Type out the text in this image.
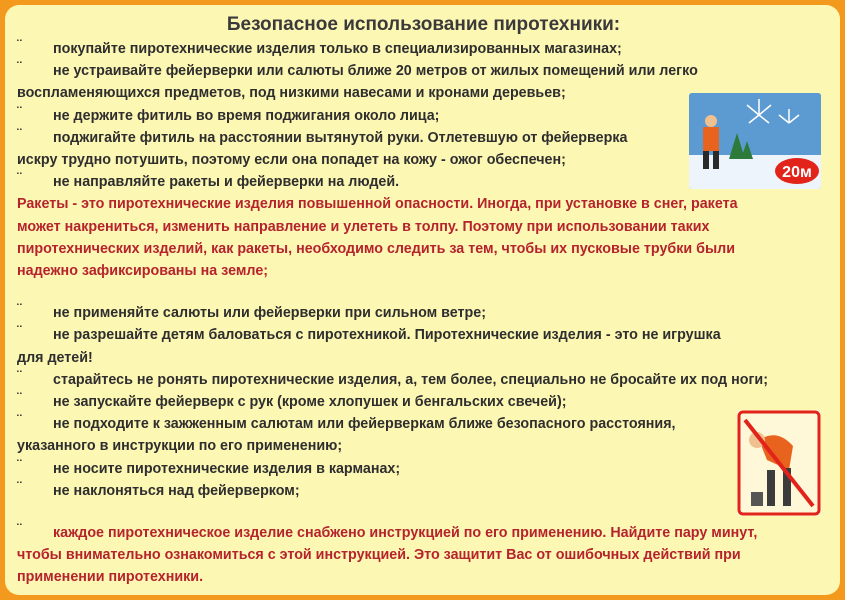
Безопасное использование пиротехники:
¨ покупайте пиротехнические изделия только в специализированных магазинах;
¨ не устраивайте фейерверки или салюты ближе 20 метров от жилых помещений или легко
воспламеняющихся предметов, под низкими навесами и кронами деревьев;
¨ не держите фитиль во время поджигания около лица;
¨ поджигайте фитиль на расстоянии вытянутой руки. Отлетевшую от фейерверка
искру трудно потушить, поэтому если она попадет на кожу - ожог обеспечен;
¨ не направляйте ракеты и фейерверки на людей.
Ракеты - это пиротехнические изделия повышенной опасности. Иногда, при установке в снег, ракета
может накрениться, изменить направление и улететь в толпу. Поэтому при использовании таких
пиротехнических изделий, как ракеты, необходимо следить за тем, чтобы их пусковые трубки были
надежно зафиксированы на земле;
¨ не применяйте салюты или фейерверки при сильном ветре;
¨ не разрешайте детям баловаться с пиротехникой. Пиротехнические изделия - это не игрушка
для детей!
¨ старайтесь не ронять пиротехнические изделия, а, тем более, специально не бросайте их под ноги;
¨ не запускайте фейерверк с рук (кроме хлопушек и бенгальских свечей);
¨ не подходите к зажженным салютам или фейерверкам ближе безопасного расстояния,
указанного в инструкции по его применению;
¨ не носите пиротехнические изделия в карманах;
¨ не наклоняться над фейерверком;
¨ каждое пиротехническое изделие снабжено инструкцией по его применению. Найдите пару минут,
чтобы внимательно ознакомиться с этой инструкцией. Это защитит Вас от ошибочных действий при
применении пиротехники.
20м
